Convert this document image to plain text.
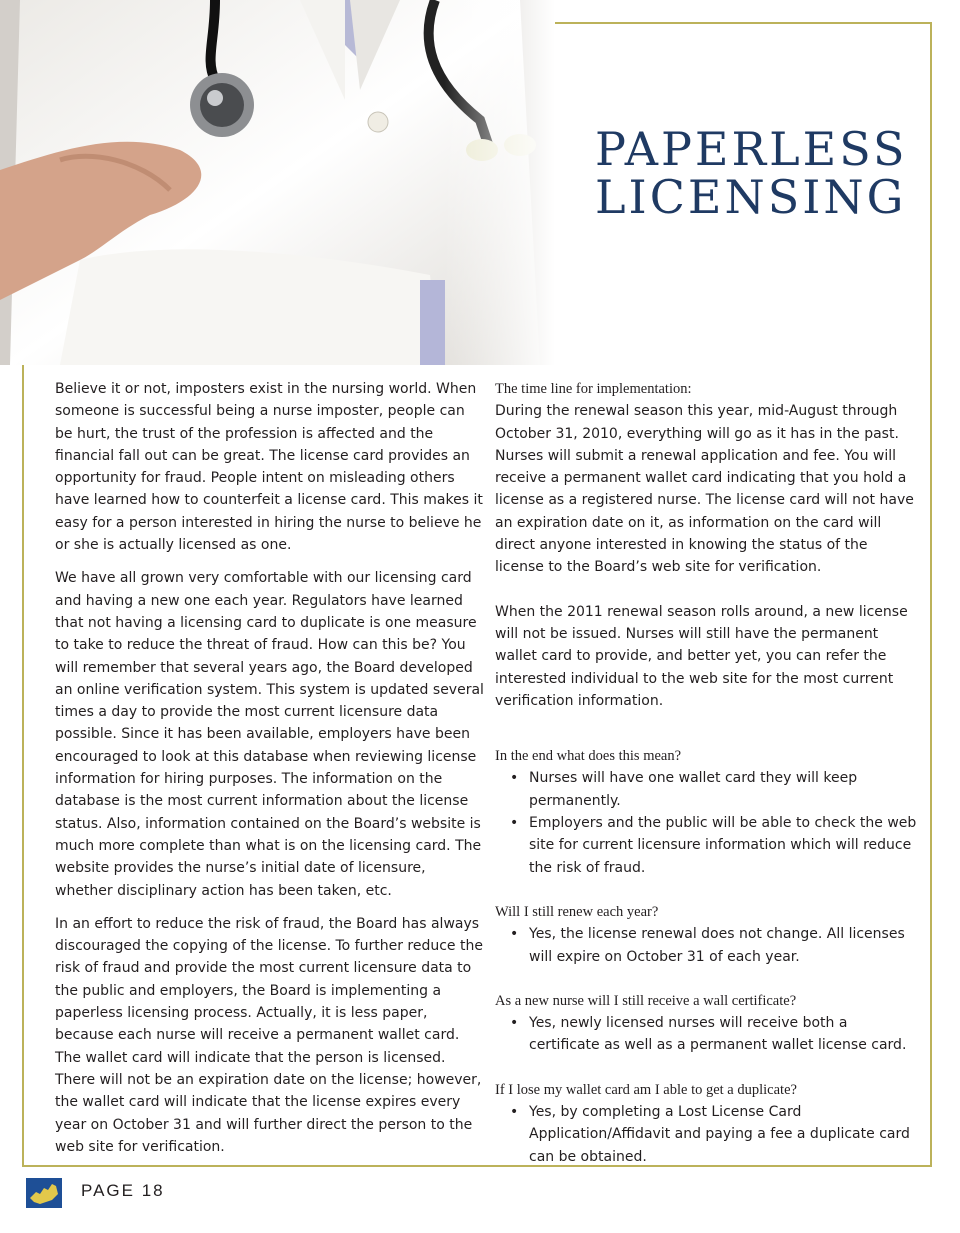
PAPERLESS
LICENSING

Believe it or not, imposters exist in the nursing world. When someone is successful being a nurse imposter, people can be hurt, the trust of the profession is affected and the financial fall out can be great. The license card provides an opportunity for fraud. People intent on misleading others have learned how to counterfeit a license card. This makes it easy for a person interested in hiring the nurse to believe he or she is actually licensed as one.

We have all grown very comfortable with our licensing card and having a new one each year. Regulators have learned that not having a licensing card to duplicate is one measure to take to reduce the threat of fraud. How can this be? You will remember that several years ago, the Board developed an online verification system. This system is updated several times a day to provide the most current licensure data possible. Since it has been available, employers have been encouraged to look at this database when reviewing license information for hiring purposes. The information on the database is the most current information about the license status. Also, information contained on the Board’s website is much more complete than what is on the licensing card. The website provides the nurse’s initial date of licensure, whether disciplinary action has been taken, etc.

In an effort to reduce the risk of fraud, the Board has always discouraged the copying of the license. To further reduce the risk of fraud and provide the most current licensure data to the public and employers, the Board is implementing a paperless licensing process. Actually, it is less paper, because each nurse will receive a permanent wallet card. The wallet card will indicate that the person is licensed. There will not be an expiration date on the license; however, the wallet card will indicate that the license expires every year on October 31 and will further direct the person to the web site for verification.

The time line for implementation:

During the renewal season this year, mid-August through October 31, 2010, everything will go as it has in the past. Nurses will submit a renewal application and fee. You will receive a permanent wallet card indicating that you hold a license as a registered nurse. The license card will not have an expiration date on it, as information on the card will direct anyone interested in knowing the status of the license to the Board’s web site for verification.

When the 2011 renewal season rolls around, a new license will not be issued. Nurses will still have the permanent wallet card to provide, and better yet, you can refer the interested individual to the web site for the most current verification information.

In the end what does this mean?
• Nurses will have one wallet card they will keep permanently.
• Employers and the public will be able to check the web site for current licensure information which will reduce the risk of fraud.
Will I still renew each year?
• Yes, the license renewal does not change. All licenses will expire on October 31 of each year.
As a new nurse will I still receive a wall certificate?
• Yes, newly licensed nurses will receive both a certificate as well as a permanent wallet license card.
If I lose my wallet card am I able to get a duplicate?
• Yes, by completing a Lost License Card Application/Affidavit and paying a fee a duplicate card can be obtained.
PAGE 18
